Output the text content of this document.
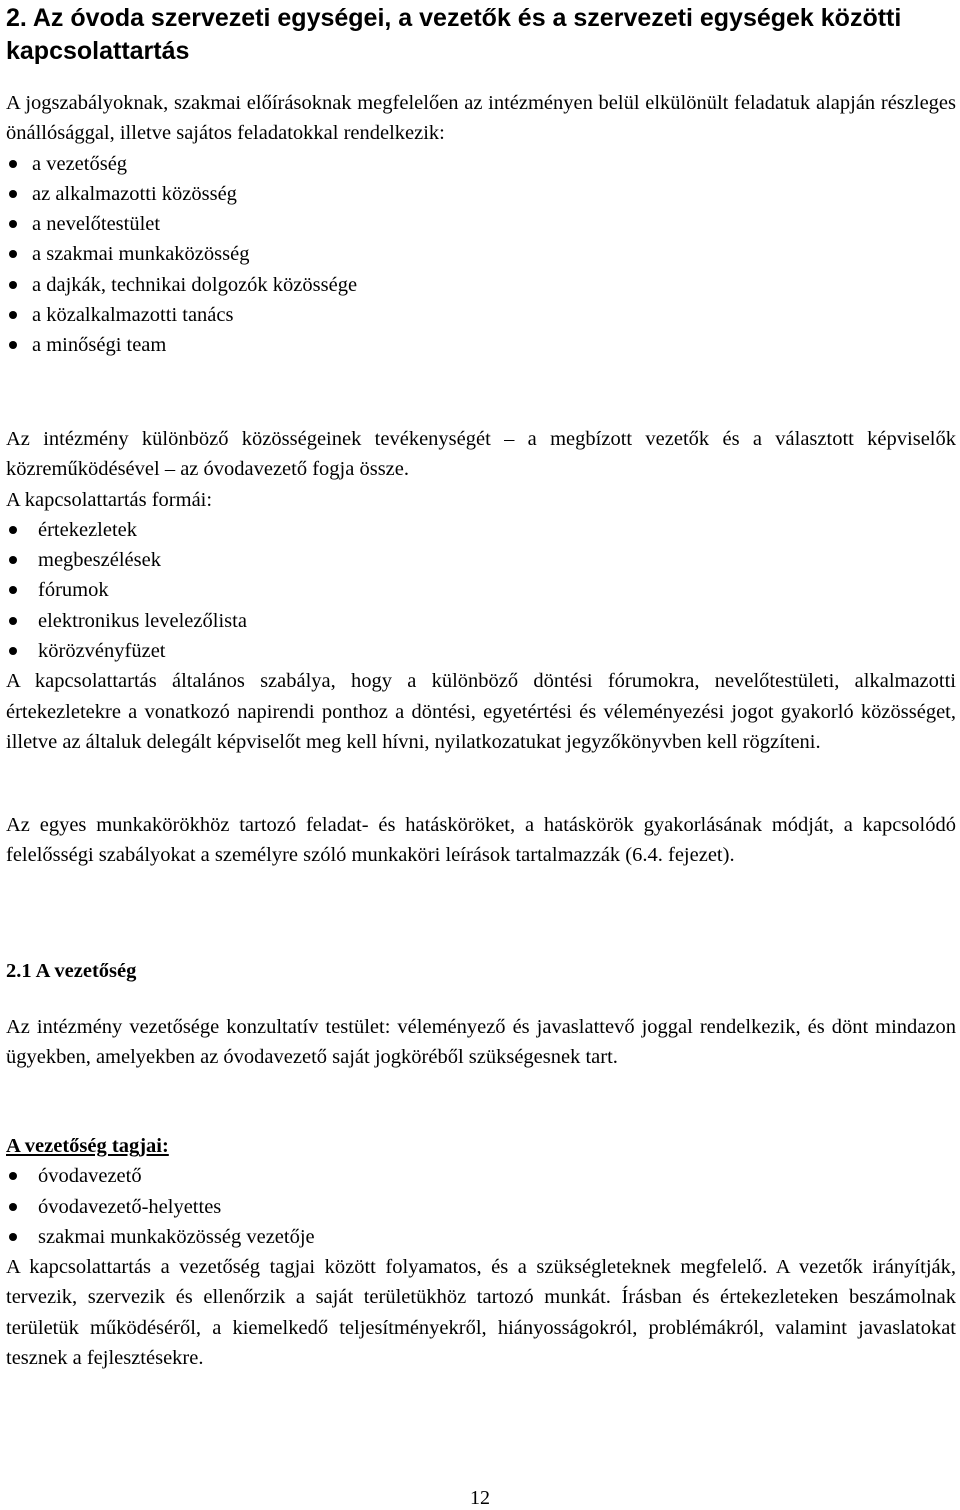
2. Az óvoda szervezeti egységei, a vezetők és a szervezeti egységek közötti kapcsolattartás
A jogszabályoknak, szakmai előírásoknak megfelelően az intézményen belül elkülönült feladatuk alapján részleges önállósággal, illetve sajátos feladatokkal rendelkezik:
a vezetőség
az alkalmazotti közösség
a nevelőtestület
a szakmai munkaközösség
a dajkák, technikai dolgozók közössége
a közalkalmazotti tanács
a minőségi team
Az intézmény különböző közösségeinek tevékenységét – a megbízott vezetők és a választott képviselők közreműködésével – az óvodavezető fogja össze.
A kapcsolattartás formái:
értekezletek
megbeszélések
fórumok
elektronikus levelezőlista
körözvényfüzet
A kapcsolattartás általános szabálya, hogy a különböző döntési fórumokra, nevelőtestületi, alkalmazotti értekezletekre a vonatkozó napirendi ponthoz a döntési, egyetértési és véleményezési jogot gyakorló közösséget, illetve az általuk delegált képviselőt meg kell hívni, nyilatkozatukat jegyzőkönyvben kell rögzíteni.
Az egyes munkakörökhöz tartozó feladat- és hatásköröket, a hatáskörök gyakorlásának módját, a kapcsolódó felelősségi szabályokat a személyre szóló munkaköri leírások tartalmazzák (6.4. fejezet).
2.1 A vezetőség
Az intézmény vezetősége konzultatív testület: véleményező és javaslattevő joggal rendelkezik, és dönt mindazon ügyekben, amelyekben az óvodavezető saját jogköréből szükségesnek tart.
A vezetőség tagjai:
óvodavezető
óvodavezető-helyettes
szakmai munkaközösség vezetője
A kapcsolattartás a vezetőség tagjai között folyamatos, és a szükségleteknek megfelelő. A vezetők irányítják, tervezik, szervezik és ellenőrzik a saját területükhöz tartozó munkát. Írásban és értekezleteken beszámolnak területük működéséről, a kiemelkedő teljesítményekről, hiányosságokról, problémákról, valamint javaslatokat tesznek a fejlesztésekre.
12
